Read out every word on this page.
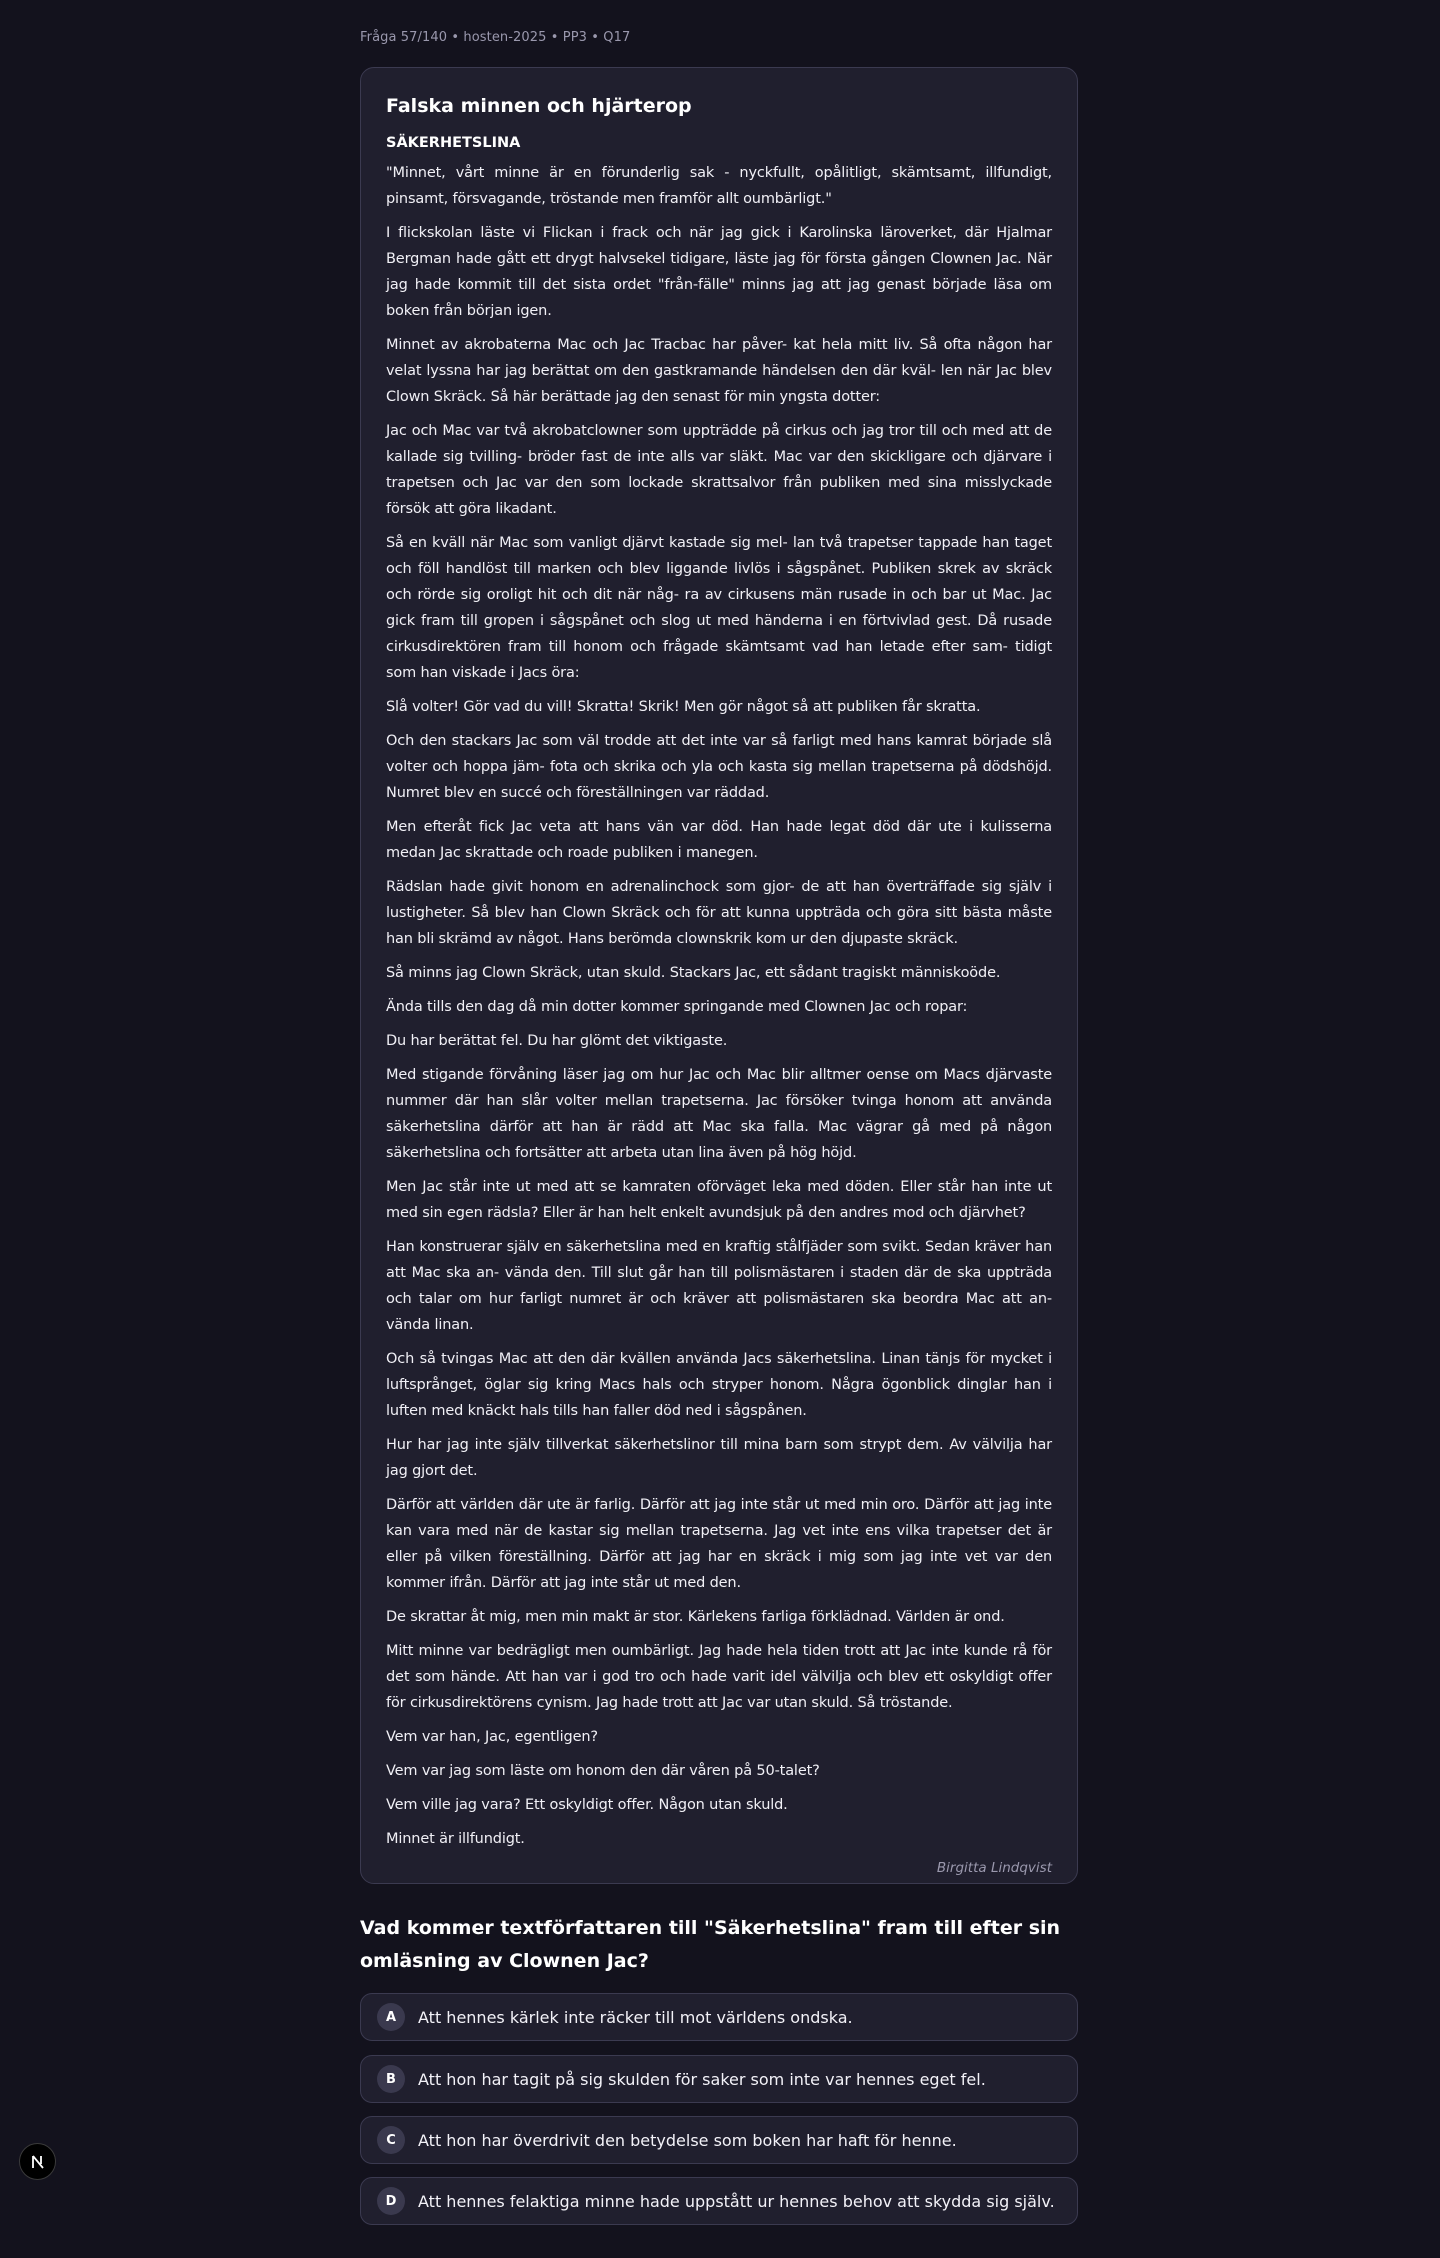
Fråga 57/140 • hosten-2025 • PP3 • Q17
Falska minnen och hjärterop
SÄKERHETSLINA

"Minnet, vårt minne är en förunderlig sak - nyckfullt, opålitligt, skämtsamt, illfundigt, pinsamt, försvagande, tröstande men framför allt oumbärligt."

I flickskolan läste vi Flickan i frack och när jag gick i Karolinska läroverket, där Hjalmar Bergman hade gått ett drygt halvsekel tidigare, läste jag för första gången Clownen Jac. När jag hade kommit till det sista ordet "från-fälle" minns jag att jag genast började läsa om boken från början igen.

Minnet av akrobaterna Mac och Jac Tracbac har påver- kat hela mitt liv. Så ofta någon har velat lyssna har jag berättat om den gastkramande händelsen den där kväl- len när Jac blev Clown Skräck. Så här berättade jag den senast för min yngsta dotter:

Jac och Mac var två akrobatclowner som uppträdde på cirkus och jag tror till och med att de kallade sig tvilling- bröder fast de inte alls var släkt. Mac var den skickligare och djärvare i trapetsen och Jac var den som lockade skrattsalvor från publiken med sina misslyckade försök att göra likadant.

Så en kväll när Mac som vanligt djärvt kastade sig mel- lan två trapetser tappade han taget och föll handlöst till marken och blev liggande livlös i sågspånet. Publiken skrek av skräck och rörde sig oroligt hit och dit när någ- ra av cirkusens män rusade in och bar ut Mac. Jac gick fram till gropen i sågspånet och slog ut med händerna i en förtvivlad gest. Då rusade cirkusdirektören fram till honom och frågade skämtsamt vad han letade efter sam- tidigt som han viskade i Jacs öra:

Slå volter! Gör vad du vill! Skratta! Skrik! Men gör något så att publiken får skratta.

Och den stackars Jac som väl trodde att det inte var så farligt med hans kamrat började slå volter och hoppa jäm- fota och skrika och yla och kasta sig mellan trapetserna på dödshöjd. Numret blev en succé och föreställningen var räddad.

Men efteråt fick Jac veta att hans vän var död. Han hade legat död där ute i kulisserna medan Jac skrattade och roade publiken i manegen.

Rädslan hade givit honom en adrenalinchock som gjor- de att han överträffade sig själv i lustigheter. Så blev han Clown Skräck och för att kunna uppträda och göra sitt bästa måste han bli skrämd av något. Hans berömda clownskrik kom ur den djupaste skräck.

Så minns jag Clown Skräck, utan skuld. Stackars Jac, ett sådant tragiskt människoöde.

Ända tills den dag då min dotter kommer springande med Clownen Jac och ropar:

Du har berättat fel. Du har glömt det viktigaste.

Med stigande förvåning läser jag om hur Jac och Mac blir alltmer oense om Macs djärvaste nummer där han slår volter mellan trapetserna. Jac försöker tvinga honom att använda säkerhetslina därför att han är rädd att Mac ska falla. Mac vägrar gå med på någon säkerhetslina och fortsätter att arbeta utan lina även på hög höjd.

Men Jac står inte ut med att se kamraten oförväget leka med döden. Eller står han inte ut med sin egen rädsla? Eller är han helt enkelt avundsjuk på den andres mod och djärvhet?

Han konstruerar själv en säkerhetslina med en kraftig stålfjäder som svikt. Sedan kräver han att Mac ska an- vända den. Till slut går han till polismästaren i staden där de ska uppträda och talar om hur farligt numret är och kräver att polismästaren ska beordra Mac att an- vända linan.

Och så tvingas Mac att den där kvällen använda Jacs säkerhetslina. Linan tänjs för mycket i luftsprånget, öglar sig kring Macs hals och stryper honom. Några ögonblick dinglar han i luften med knäckt hals tills han faller död ned i sågspånen.

Hur har jag inte själv tillverkat säkerhetslinor till mina barn som strypt dem. Av välvilja har jag gjort det.

Därför att världen där ute är farlig. Därför att jag inte står ut med min oro. Därför att jag inte kan vara med när de kastar sig mellan trapetserna. Jag vet inte ens vilka trapetser det är eller på vilken föreställning. Därför att jag har en skräck i mig som jag inte vet var den kommer ifrån. Därför att jag inte står ut med den.

De skrattar åt mig, men min makt är stor. Kärlekens farliga förklädnad. Världen är ond.

Mitt minne var bedrägligt men oumbärligt. Jag hade hela tiden trott att Jac inte kunde rå för det som hände. Att han var i god tro och hade varit idel välvilja och blev ett oskyldigt offer för cirkusdirektörens cynism. Jag hade trott att Jac var utan skuld. Så tröstande.

Vem var han, Jac, egentligen?

Vem var jag som läste om honom den där våren på 50-talet?

Vem ville jag vara? Ett oskyldigt offer. Någon utan skuld.

Minnet är illfundigt.

Birgitta Lindqvist
Vad kommer textförfattaren till "Säkerhetslina" fram till efter sin omläsning av Clownen Jac?
A	Att hennes kärlek inte räcker till mot världens ondska.
B	Att hon har tagit på sig skulden för saker som inte var hennes eget fel.
C	Att hon har överdrivit den betydelse som boken har haft för henne.
D	Att hennes felaktiga minne hade uppstått ur hennes behov att skydda sig själv.
